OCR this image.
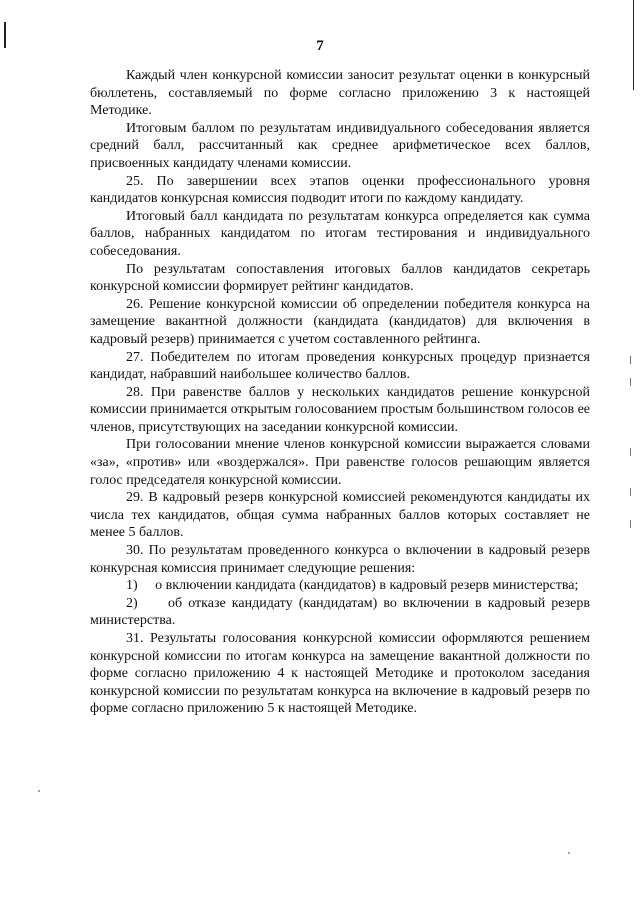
7

Каждый член конкурсной комиссии заносит результат оценки в конкурсный бюллетень, составляемый по форме согласно приложению 3 к настоящей Методике.

Итоговым баллом по результатам индивидуального собеседования является средний балл, рассчитанный как среднее арифметическое всех баллов, присвоенных кандидату членами комиссии.

25. По завершении всех этапов оценки профессионального уровня кандидатов конкурсная комиссия подводит итоги по каждому кандидату.

Итоговый балл кандидата по результатам конкурса определяется как сумма баллов, набранных кандидатом по итогам тестирования и индивидуального собеседования.

По результатам сопоставления итоговых баллов кандидатов секретарь конкурсной комиссии формирует рейтинг кандидатов.

26. Решение конкурсной комиссии об определении победителя конкурса на замещение вакантной должности (кандидата (кандидатов) для включения в кадровый резерв) принимается с учетом составленного рейтинга.

27. Победителем по итогам проведения конкурсных процедур признается кандидат, набравший наибольшее количество баллов.

28. При равенстве баллов у нескольких кандидатов решение конкурсной комиссии принимается открытым голосованием простым большинством голосов ее членов, присутствующих на заседании конкурсной комиссии.

При голосовании мнение членов конкурсной комиссии выражается словами «за», «против» или «воздержался». При равенстве голосов решающим является голос председателя конкурсной комиссии.

29. В кадровый резерв конкурсной комиссией рекомендуются кандидаты их числа тех кандидатов, общая сумма набранных баллов которых составляет не менее 5 баллов.

30. По результатам проведенного конкурса о включении в кадровый резерв конкурсная комиссия принимает следующие решения:

1)     о включении кандидата (кандидатов) в кадровый резерв министерства;

2)     об отказе кандидату (кандидатам) во включении в кадровый резерв министерства.

31. Результаты голосования конкурсной комиссии оформляются решением конкурсной комиссии по итогам конкурса на замещение вакантной должности по форме согласно приложению 4 к настоящей Методике и протоколом заседания конкурсной комиссии по результатам конкурса на включение в кадровый резерв по форме согласно приложению 5 к настоящей Методике.
